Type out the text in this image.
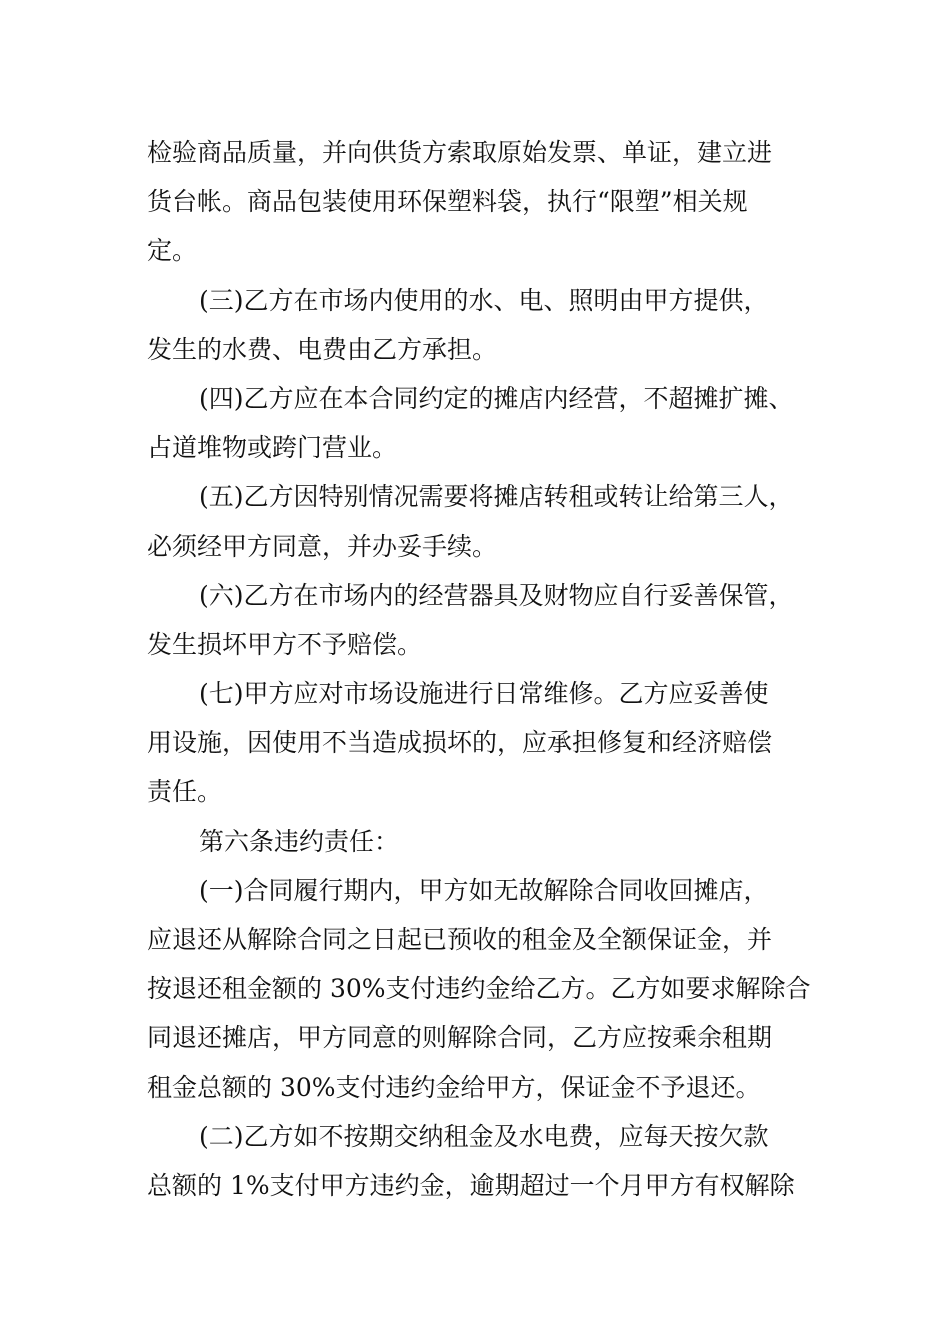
检验商品质量，并向供货方索取原始发票、单证，建立进
货台帐。商品包装使用环保塑料袋，执行“限塑”相关规
定。

(三)乙方在市场内使用的水、电、照明由甲方提供，
发生的水费、电费由乙方承担。

(四)乙方应在本合同约定的摊店内经营，不超摊扩摊、
占道堆物或跨门营业。

(五)乙方因特别情况需要将摊店转租或转让给第三人，
必须经甲方同意，并办妥手续。

(六)乙方在市场内的经营器具及财物应自行妥善保管，
发生损坏甲方不予赔偿。

(七)甲方应对市场设施进行日常维修。乙方应妥善使
用设施，因使用不当造成损坏的，应承担修复和经济赔偿
责任。

第六条违约责任：

(一)合同履行期内，甲方如无故解除合同收回摊店，
应退还从解除合同之日起已预收的租金及全额保证金，并
按退还租金额的 30%支付违约金给乙方。乙方如要求解除合
同退还摊店，甲方同意的则解除合同，乙方应按乘余租期
租金总额的 30%支付违约金给甲方，保证金不予退还。

(二)乙方如不按期交纳租金及水电费，应每天按欠款
总额的 1%支付甲方违约金，逾期超过一个月甲方有权解除
